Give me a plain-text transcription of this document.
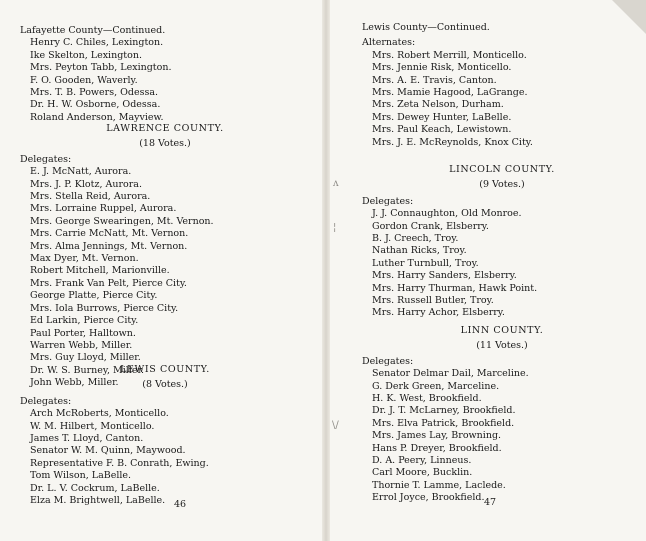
Lafayette County—Continued.
Henry C. Chiles, Lexington.
Ike Skelton, Lexington.
Mrs. Peyton Tabb, Lexington.
F. O. Gooden, Waverly.
Mrs. T. B. Powers, Odessa.
Dr. H. W. Osborne, Odessa.
Roland Anderson, Mayview.
LAWRENCE COUNTY.
(18 Votes.)
Delegates:
E. J. McNatt, Aurora.
Mrs. J. P. Klotz, Aurora.
Mrs. Stella Reid, Aurora.
Mrs. Lorraine Ruppel, Aurora.
Mrs. George Swearingen, Mt. Vernon.
Mrs. Carrie McNatt, Mt. Vernon.
Mrs. Alma Jennings, Mt. Vernon.
Max Dyer, Mt. Vernon.
Robert Mitchell, Marionville.
Mrs. Frank Van Pelt, Pierce City.
George Platte, Pierce City.
Mrs. Iola Burrows, Pierce City.
Ed Larkin, Pierce City.
Paul Porter, Halltown.
Warren Webb, Miller.
Mrs. Guy Lloyd, Miller.
Dr. W. S. Burney, Miller.
John Webb, Miller.
LEWIS COUNTY.
(8 Votes.)
Delegates:
Arch McRoberts, Monticello.
W. M. Hilbert, Monticello.
James T. Lloyd, Canton.
Senator W. M. Quinn, Maywood.
Representative F. B. Conrath, Ewing.
Tom Wilson, LaBelle.
Dr. L. V. Cockrum, LaBelle.
Elza M. Brightwell, LaBelle. 46
ʌ
¦
\/
Lewis County—Continued.
Alternates:
Mrs. Robert Merrill, Monticello.
Mrs. Jennie Risk, Monticello.
Mrs. A. E. Travis, Canton.
Mrs. Mamie Hagood, LaGrange.
Mrs. Zeta Nelson, Durham.
Mrs. Dewey Hunter, LaBelle.
Mrs. Paul Keach, Lewistown.
Mrs. J. E. McReynolds, Knox City.
LINCOLN COUNTY.
(9 Votes.)
Delegates:
J. J. Connaughton, Old Monroe.
Gordon Crank, Elsberry.
B. J. Creech, Troy.
Nathan Ricks, Troy.
Luther Turnbull, Troy.
Mrs. Harry Sanders, Elsberry.
Mrs. Harry Thurman, Hawk Point.
Mrs. Russell Butler, Troy.
Mrs. Harry Achor, Elsberry.
LINN COUNTY.
(11 Votes.)
Delegates:
Senator Delmar Dail, Marceline.
G. Derk Green, Marceline.
H. K. West, Brookfield.
Dr. J. T. McLarney, Brookfield.
Mrs. Elva Patrick, Brookfield.
Mrs. James Lay, Browning.
Hans P. Dreyer, Brookfield.
D. A. Peery, Linneus.
Carl Moore, Bucklin.
Thornie T. Lamme, Laclede.
Errol Joyce, Brookfield. 47
